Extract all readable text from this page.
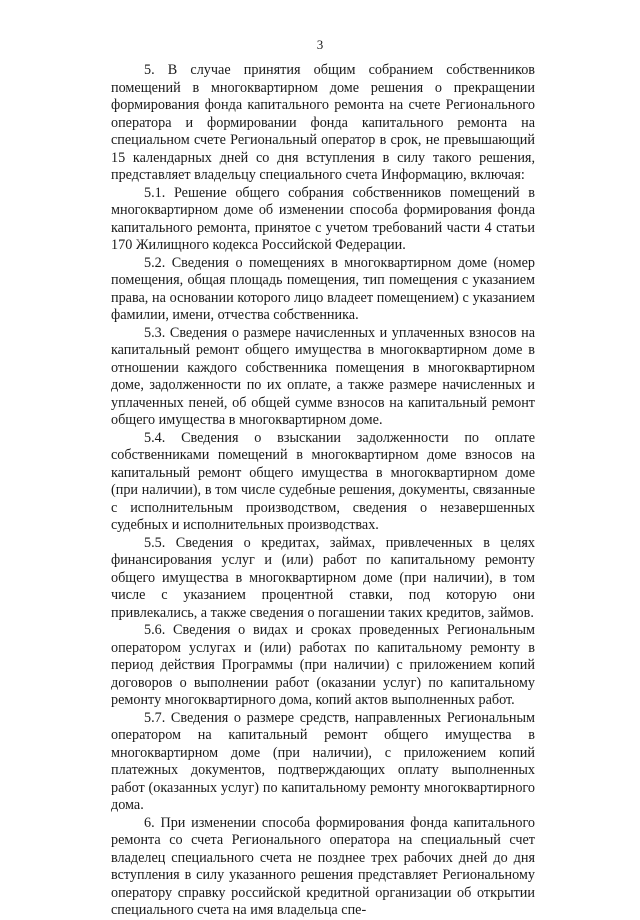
3

5. В случае принятия общим собранием собственников помещений в многоквартирном доме решения о прекращении формирования фонда капитального ремонта на счете Регионального оператора и формировании фонда капитального ремонта на специальном счете Региональный оператор в срок, не превышающий 15 календарных дней со дня вступления в силу такого решения, представляет владельцу специального счета Информацию, включая:

5.1. Решение общего собрания собственников помещений в многоквартирном доме об изменении способа формирования фонда капитального ремонта, принятое с учетом требований части 4 статьи 170 Жилищного кодекса Российской Федерации.

5.2. Сведения о помещениях в многоквартирном доме (номер помещения, общая площадь помещения, тип помещения с указанием права, на основании которого лицо владеет помещением) с указанием фамилии, имени, отчества собственника.

5.3. Сведения о размере начисленных и уплаченных взносов на капитальный ремонт общего имущества в многоквартирном доме в отношении каждого собственника помещения в многоквартирном доме, задолженности по их оплате, а также размере начисленных и уплаченных пеней, об общей сумме взносов на капитальный ремонт общего имущества в многоквартирном доме.

5.4. Сведения о взыскании задолженности по оплате собственниками помещений в многоквартирном доме взносов на капитальный ремонт общего имущества в многоквартирном доме (при наличии), в том числе судебные решения, документы, связанные с исполнительным производством, сведения о незавершенных судебных и исполнительных производствах.

5.5. Сведения о кредитах, займах, привлеченных в целях финансирования услуг и (или) работ по капитальному ремонту общего имущества в многоквартирном доме (при наличии), в том числе с указанием процентной ставки, под которую они привлекались, а также сведения о погашении таких кредитов, займов.

5.6. Сведения о видах и сроках проведенных Региональным оператором услугах и (или) работах по капитальному ремонту в период действия Программы (при наличии) с приложением копий договоров о выполнении работ (оказании услуг) по капитальному ремонту многоквартирного дома, копий актов выполненных работ.

5.7. Сведения о размере средств, направленных Региональным оператором на капитальный ремонт общего имущества в многоквартирном доме (при наличии), с приложением копий платежных документов, подтверждающих оплату выполненных работ (оказанных услуг) по капитальному ремонту многоквартирного дома.

6. При изменении способа формирования фонда капитального ремонта со счета Регионального оператора на специальный счет владелец специального счета не позднее трех рабочих дней до дня вступления в силу указанного решения представляет Региональному оператору справку российской кредитной организации об открытии специального счета на имя владельца спе-
